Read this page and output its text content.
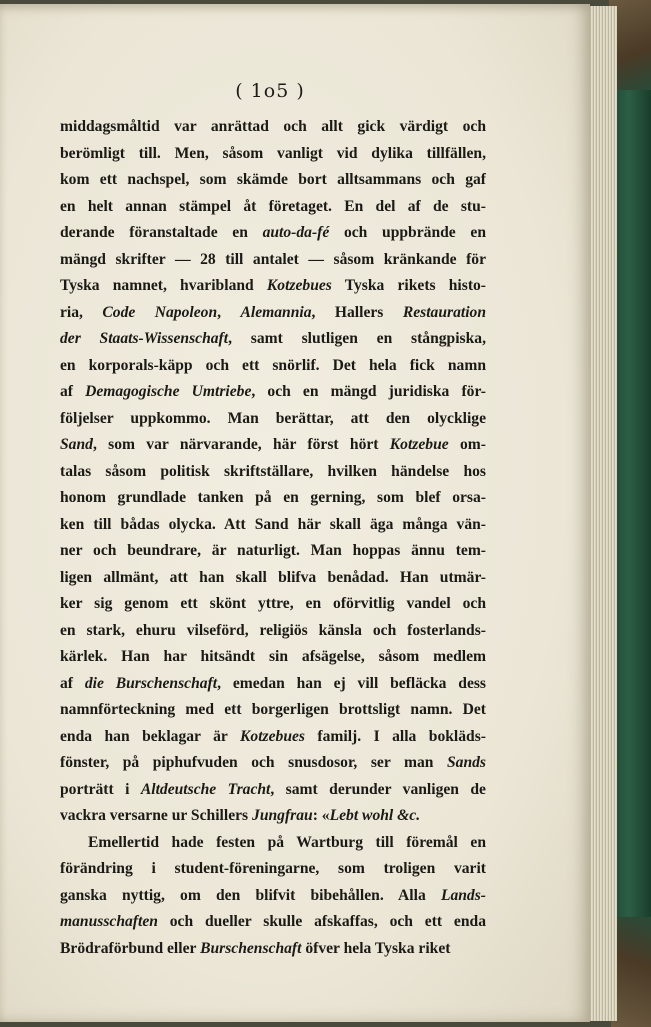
( 1o5 )
middagsmåltid var anrättad och allt gick värdigt och
berömligt till. Men, såsom vanligt vid dylika tillfällen,
kom ett nachspel, som skämde bort alltsammans och gaf
en helt annan stämpel åt företaget. En del af de stu-
derande föranstaltade en auto-da-fé och uppbrände en
mängd skrifter — 28 till antalet — såsom kränkande för
Tyska namnet, hvaribland Kotzebues Tyska rikets histo-
ria, Code Napoleon, Alemannia, Hallers Restauration
der Staats-Wissenschaft, samt slutligen en stångpiska,
en korporals-käpp och ett snörlif. Det hela fick namn
af Demagogische Umtriebe, och en mängd juridiska för-
följelser uppkommo. Man berättar, att den olycklige
Sand, som var närvarande, här först hört Kotzebue om-
talas såsom politisk skriftställare, hvilken händelse hos
honom grundlade tanken på en gerning, som blef orsa-
ken till bådas olycka. Att Sand här skall äga många vän-
ner och beundrare, är naturligt. Man hoppas ännu tem-
ligen allmänt, att han skall blifva benådad. Han utmär-
ker sig genom ett skönt yttre, en oförvitlig vandel och
en stark, ehuru vilseförd, religiös känsla och fosterlands-
kärlek. Han har hitsändt sin afsägelse, såsom medlem
af die Burschenschaft, emedan han ej vill befläcka dess
namnförteckning med ett borgerligen brottsligt namn. Det
enda han beklagar är Kotzebues familj. I alla bokläds-
fönster, på piphufvuden och snusdosor, ser man Sands
porträtt i Altdeutsche Tracht, samt derunder vanligen de
vackra versarne ur Schillers Jungfrau: «Lebt wohl &c.
Emellertid hade festen på Wartburg till föremål en
förändring i student-föreningarne, som troligen varit
ganska nyttig, om den blifvit bibehållen. Alla Lands-
manusschaften och dueller skulle afskaffas, och ett enda
Brödraförbund eller Burschenschaft öfver hela Tyska riket
